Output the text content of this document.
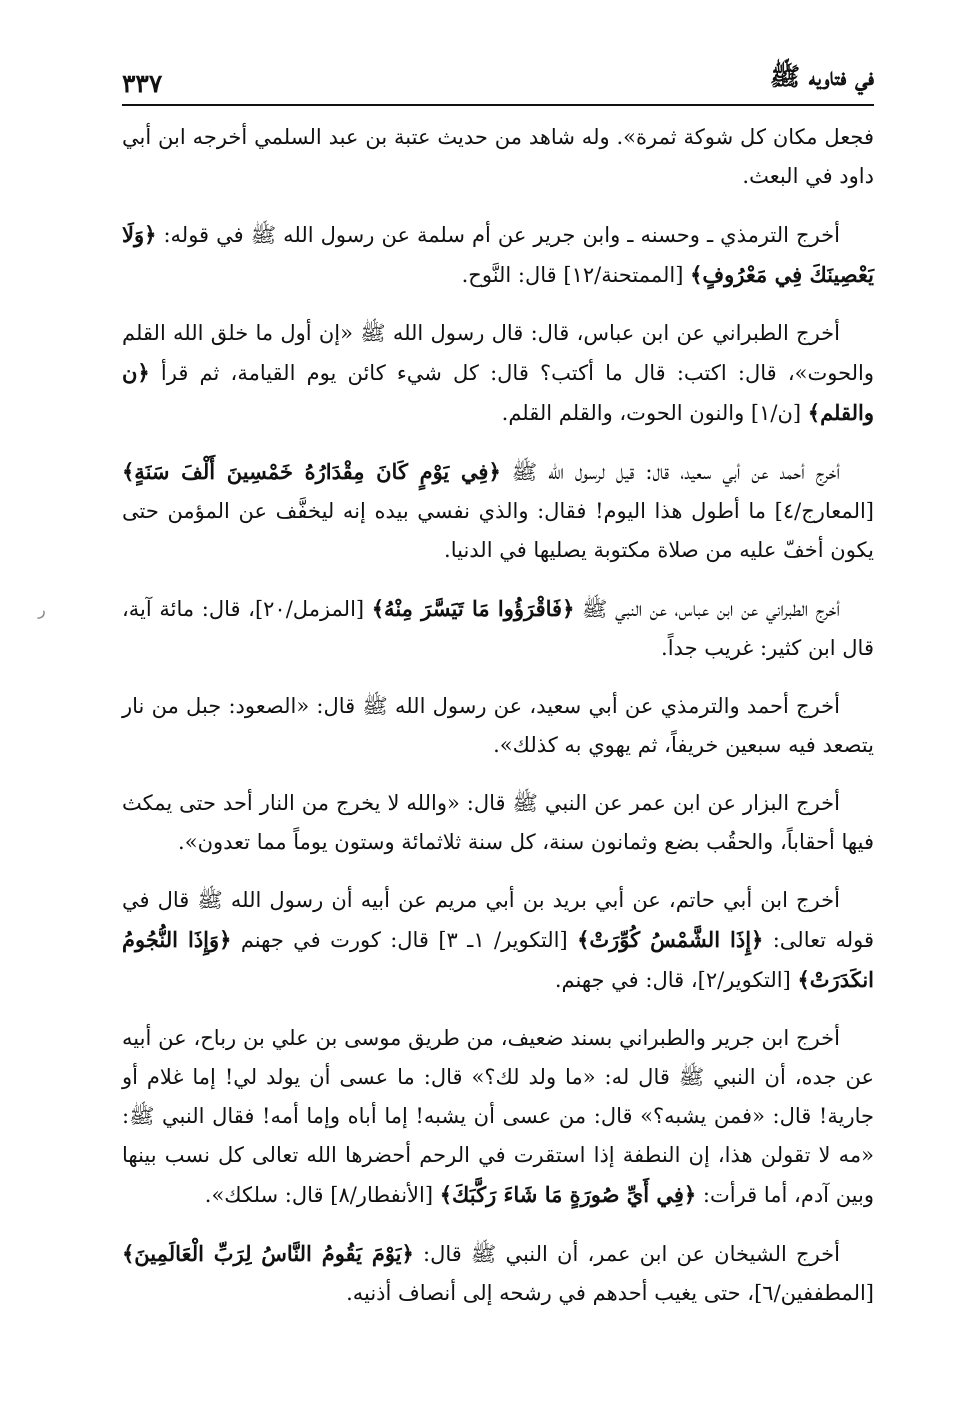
في فتاويه ﷺ
٣٣٧

فجعل مكان كل شوكة ثمرة». وله شاهد من حديث عتبة بن عبد السلمي أخرجه ابن أبي داود في البعث.

أخرج الترمذي ـ وحسنه ـ وابن جرير عن أم سلمة عن رسول الله ﷺ في قوله: ﴿وَلَا يَعْصِينَكَ فِي مَعْرُوفٍ﴾ [الممتحنة/١٢] قال: النَّوح.

أخرج الطبراني عن ابن عباس، قال: قال رسول الله ﷺ «إن أول ما خلق الله القلم والحوت»، قال: اكتب: قال ما أكتب؟ قال: كل شيء كائن يوم القيامة، ثم قرأ ﴿ن والقلم﴾ [ن/١] والنون الحوت، والقلم القلم.

أخرج أحمد عن أبي سعيد، قال: قيل لرسول الله ﷺ ﴿فِي يَوْمٍ كَانَ مِقْدَارُهُ خَمْسِينَ أَلْفَ سَنَةٍ﴾ [المعارج/٤] ما أطول هذا اليوم! فقال: والذي نفسي بيده إنه ليخفَّف عن المؤمن حتى يكون أخفّ عليه من صلاة مكتوبة يصليها في الدنيا.

أخرج الطبراني عن ابن عباس، عن النبي ﷺ ﴿فَاقْرَؤُوا مَا تَيَسَّرَ مِنْهُ﴾ [المزمل/٢٠]، قال: مائة آية، قال ابن كثير: غريب جداً.

أخرج أحمد والترمذي عن أبي سعيد، عن رسول الله ﷺ قال: «الصعود: جبل من نار يتصعد فيه سبعين خريفاً، ثم يهوي به كذلك».

أخرج البزار عن ابن عمر عن النبي ﷺ قال: «والله لا يخرج من النار أحد حتى يمكث فيها أحقاباً، والحقُب بضع وثمانون سنة، كل سنة ثلاثمائة وستون يوماً مما تعدون».

أخرج ابن أبي حاتم، عن أبي بريد بن أبي مريم عن أبيه أن رسول الله ﷺ قال في قوله تعالى: ﴿إِذَا الشَّمْسُ كُوِّرَتْ﴾ [التكوير/ ١ـ ٣] قال: كورت في جهنم ﴿وَإِذَا النُّجُومُ انكَدَرَتْ﴾ [التكوير/٢]، قال: في جهنم.

أخرج ابن جرير والطبراني بسند ضعيف، من طريق موسى بن علي بن رباح، عن أبيه عن جده، أن النبي ﷺ قال له: «ما ولد لك؟» قال: ما عسى أن يولد لي! إما غلام أو جارية! قال: «فمن يشبه؟» قال: من عسى أن يشبه! إما أباه وإما أمه! فقال النبي ﷺ: «مه لا تقولن هذا، إن النطفة إذا استقرت في الرحم أحضرها الله تعالى كل نسب بينها وبين آدم، أما قرأت: ﴿فِي أَيِّ صُورَةٍ مَا شَاءَ رَكَّبَكَ﴾ [الأنفطار/٨] قال: سلكك».

أخرج الشيخان عن ابن عمر، أن النبي ﷺ قال: ﴿يَوْمَ يَقُومُ النَّاسُ لِرَبِّ الْعَالَمِينَ﴾ [المطففين/٦]، حتى يغيب أحدهم في رشحه إلى أنصاف أذنيه.

ر
